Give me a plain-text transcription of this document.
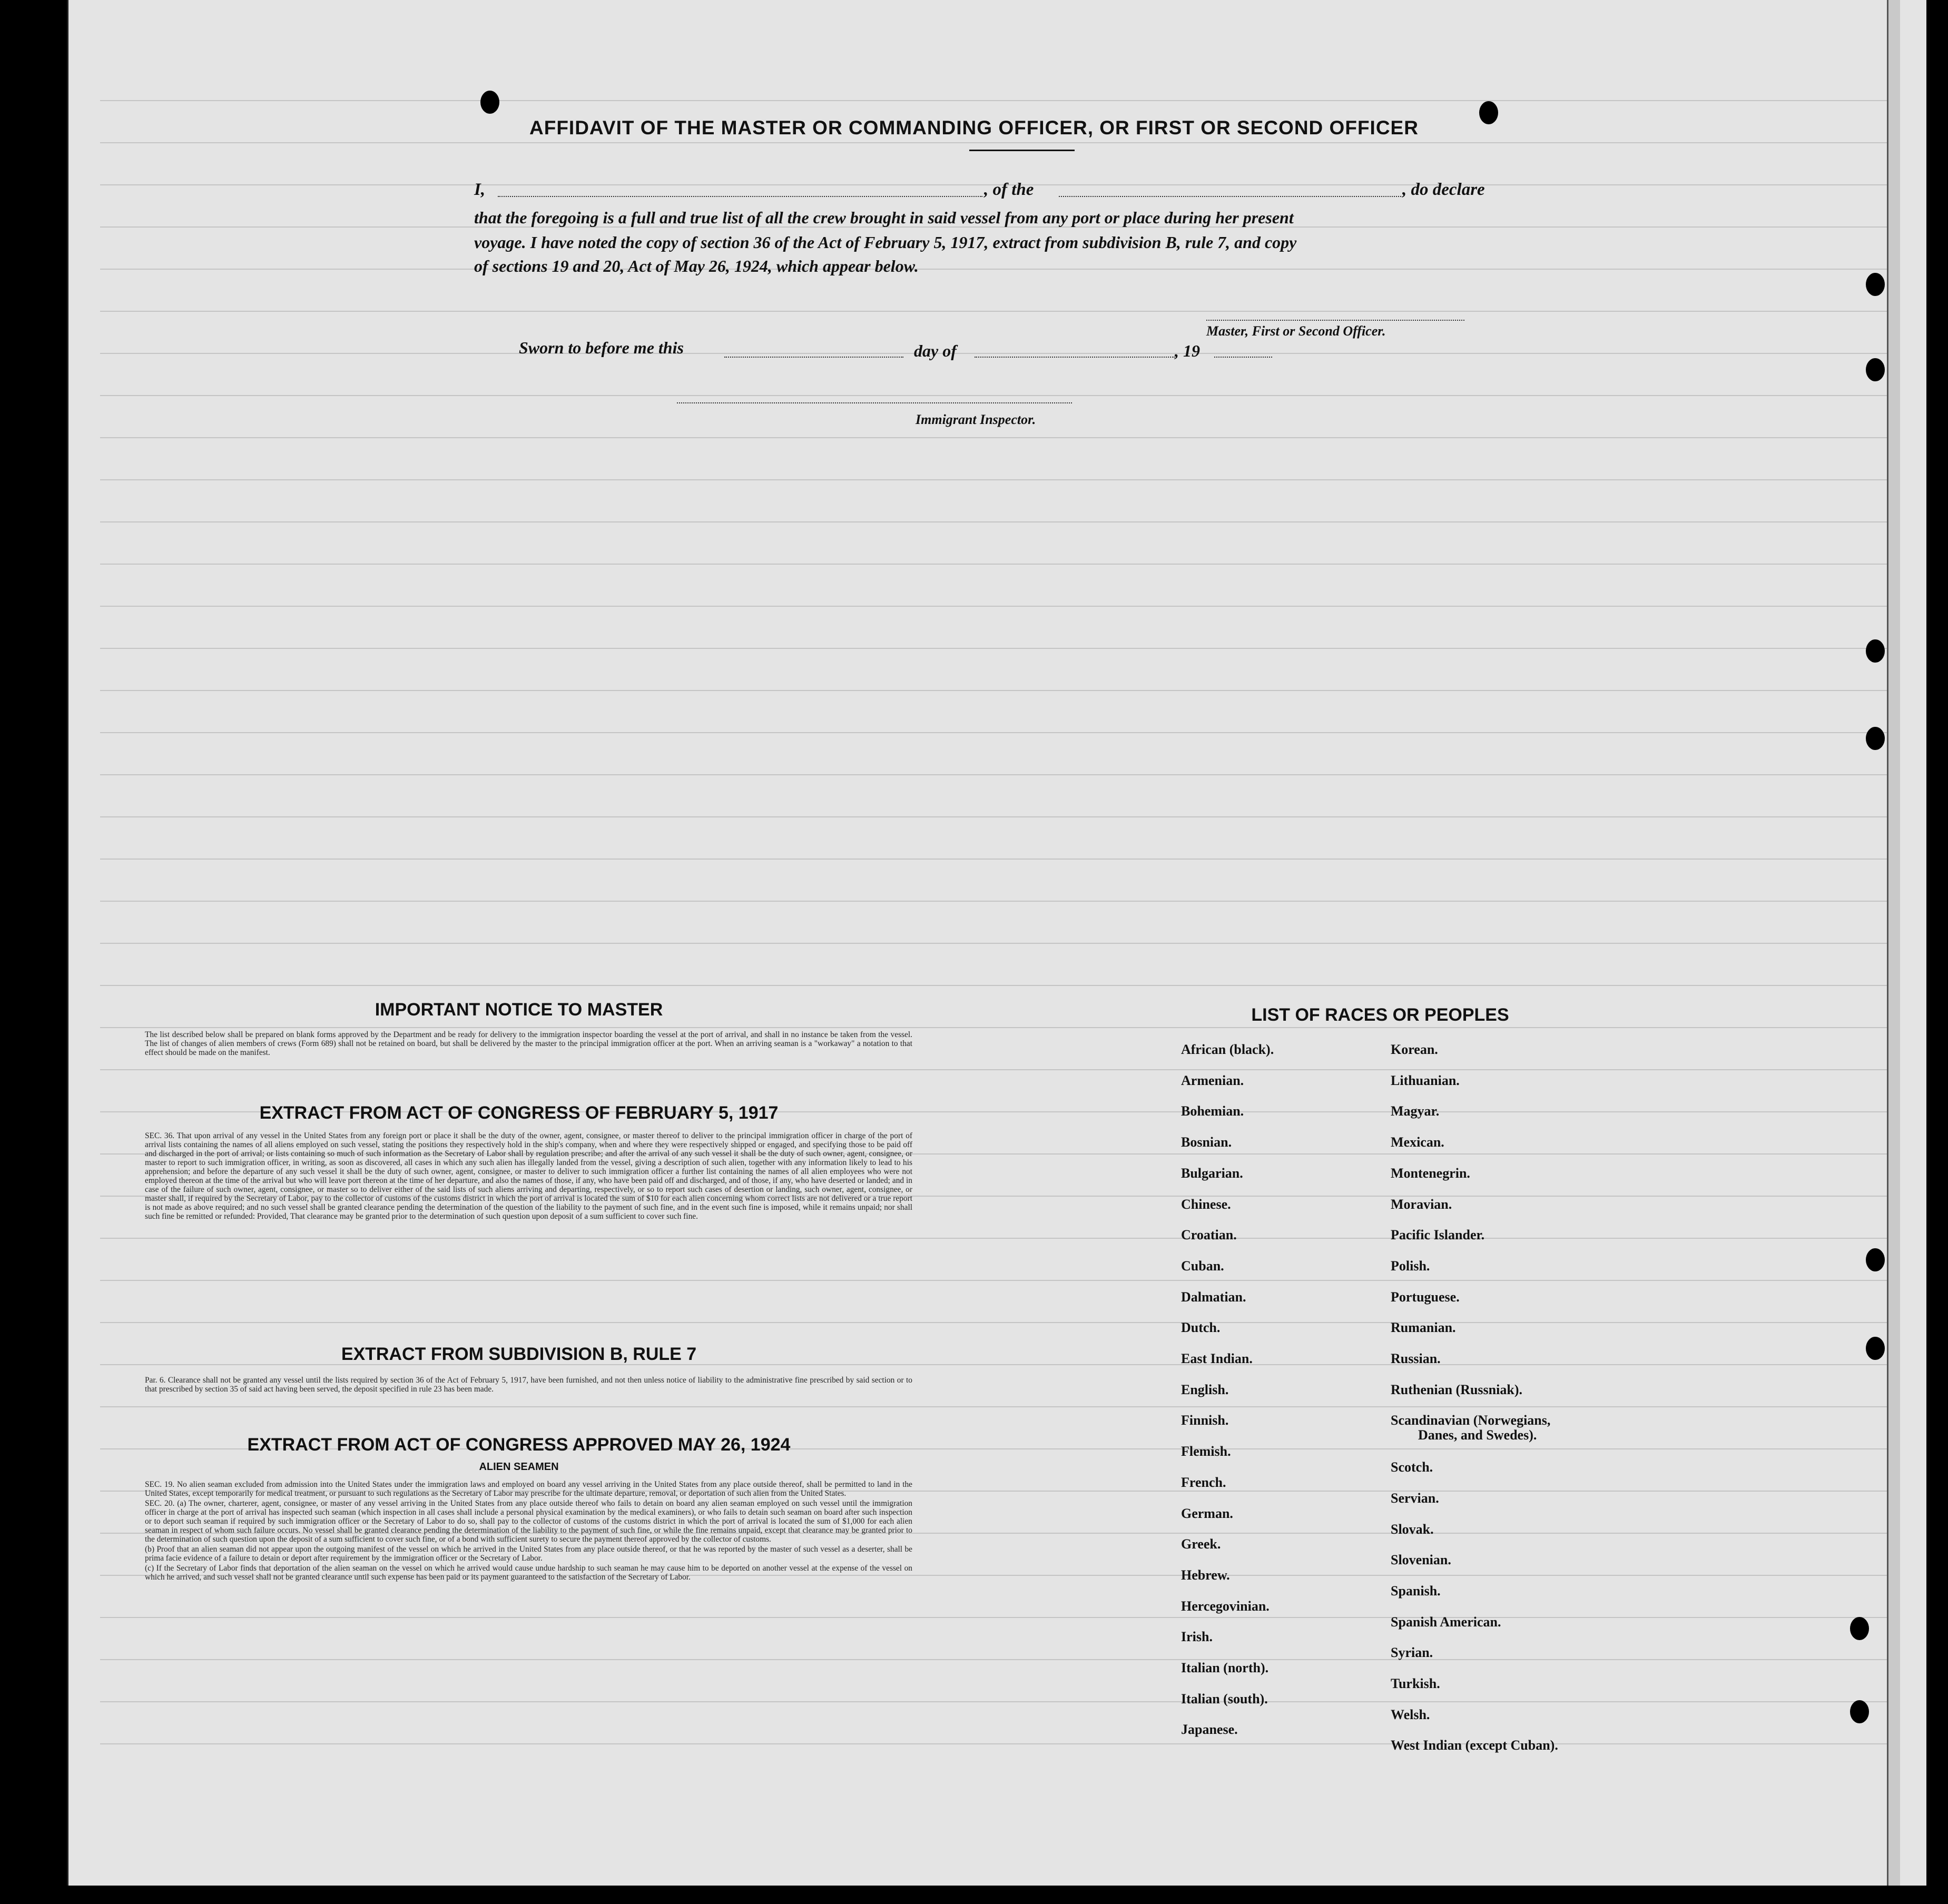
AFFIDAVIT OF THE MASTER OR COMMANDING OFFICER, OR FIRST OR SECOND OFFICER
I,	, of the	, do declare
that the foregoing is a full and true list of all the crew brought in said vessel from any port or place during her present
voyage. I have noted the copy of section 36 of the Act of February 5, 1917, extract from subdivision B, rule 7, and copy
of sections 19 and 20, Act of May 26, 1924, which appear below.
Master, First or Second Officer.
Sworn to before me this	day of	, 19
Immigrant Inspector.
IMPORTANT NOTICE TO MASTER
The list described below shall be prepared on blank forms approved by the Department and be ready for delivery to the immigration inspector boarding the vessel at the port of arrival, and shall in no instance be taken from the vessel. The list of changes of alien members of crews (Form 689) shall not be retained on board, but shall be delivered by the master to the principal immigration officer at the port. When an arriving seaman is a "workaway" a notation to that effect should be made on the manifest.
EXTRACT FROM ACT OF CONGRESS OF FEBRUARY 5, 1917
SEC. 36. That upon arrival of any vessel in the United States from any foreign port or place it shall be the duty of the owner, agent, consignee, or master thereof to deliver to the principal immigration officer in charge of the port of arrival lists containing the names of all aliens employed on such vessel, stating the positions they respectively hold in the ship's company, when and where they were respectively shipped or engaged, and specifying those to be paid off and discharged in the port of arrival; or lists containing so much of such information as the Secretary of Labor shall by regulation prescribe; and after the arrival of any such vessel it shall be the duty of such owner, agent, consignee, or master to report to such immigration officer, in writing, as soon as discovered, all cases in which any such alien has illegally landed from the vessel, giving a description of such alien, together with any information likely to lead to his apprehension; and before the departure of any such vessel it shall be the duty of such owner, agent, consignee, or master to deliver to such immigration officer a further list containing the names of all alien employees who were not employed thereon at the time of the arrival but who will leave port thereon at the time of her departure, and also the names of those, if any, who have been paid off and discharged, and of those, if any, who have deserted or landed; and in case of the failure of such owner, agent, consignee, or master so to deliver either of the said lists of such aliens arriving and departing, respectively, or so to report such cases of desertion or landing, such owner, agent, consignee, or master shall, if required by the Secretary of Labor, pay to the collector of customs of the customs district in which the port of arrival is located the sum of $10 for each alien concerning whom correct lists are not delivered or a true report is not made as above required; and no such vessel shall be granted clearance pending the determination of the question of the liability to the payment of such fine, and in the event such fine is imposed, while it remains unpaid; nor shall such fine be remitted or refunded: Provided, That clearance may be granted prior to the determination of such question upon deposit of a sum sufficient to cover such fine.
EXTRACT FROM SUBDIVISION B, RULE 7
Par. 6. Clearance shall not be granted any vessel until the lists required by section 36 of the Act of February 5, 1917, have been furnished, and not then unless notice of liability to the administrative fine prescribed by said section or to that prescribed by section 35 of said act having been served, the deposit specified in rule 23 has been made.
EXTRACT FROM ACT OF CONGRESS APPROVED MAY 26, 1924
ALIEN SEAMEN

SEC. 19. No alien seaman excluded from admission into the United States under the immigration laws and employed on board any vessel arriving in the United States from any place outside thereof, shall be permitted to land in the United States, except temporarily for medical treatment, or pursuant to such regulations as the Secretary of Labor may prescribe for the ultimate departure, removal, or deportation of such alien from the United States.

SEC. 20. (a) The owner, charterer, agent, consignee, or master of any vessel arriving in the United States from any place outside thereof who fails to detain on board any alien seaman employed on such vessel until the immigration officer in charge at the port of arrival has inspected such seaman (which inspection in all cases shall include a personal physical examination by the medical examiners), or who fails to detain such seaman on board after such inspection or to deport such seaman if required by such immigration officer or the Secretary of Labor to do so, shall pay to the collector of customs of the customs district in which the port of arrival is located the sum of $1,000 for each alien seaman in respect of whom such failure occurs. No vessel shall be granted clearance pending the determination of the liability to the payment of such fine, or while the fine remains unpaid, except that clearance may be granted prior to the determination of such question upon the deposit of a sum sufficient to cover such fine, or of a bond with sufficient surety to secure the payment thereof approved by the collector of customs.

(b) Proof that an alien seaman did not appear upon the outgoing manifest of the vessel on which he arrived in the United States from any place outside thereof, or that he was reported by the master of such vessel as a deserter, shall be prima facie evidence of a failure to detain or deport after requirement by the immigration officer or the Secretary of Labor.

(c) If the Secretary of Labor finds that deportation of the alien seaman on the vessel on which he arrived would cause undue hardship to such seaman he may cause him to be deported on another vessel at the expense of the vessel on which he arrived, and such vessel shall not be granted clearance until such expense has been paid or its payment guaranteed to the satisfaction of the Secretary of Labor.

LIST OF RACES OR PEOPLES
African (black).
Armenian.
Bohemian.
Bosnian.
Bulgarian.
Chinese.
Croatian.
Cuban.
Dalmatian.
Dutch.
East Indian.
English.
Finnish.
Flemish.
French.
German.
Greek.
Hebrew.
Hercegovinian.
Irish.
Italian (north).
Italian (south).
Japanese.
Korean.
Lithuanian.
Magyar.
Mexican.
Montenegrin.
Moravian.
Pacific Islander.
Polish.
Portuguese.
Rumanian.
Russian.
Ruthenian (Russniak).
Scandinavian (Norwegians,
Danes, and Swedes).
Scotch.
Servian.
Slovak.
Slovenian.
Spanish.
Spanish American.
Syrian.
Turkish.
Welsh.
West Indian (except Cuban).
